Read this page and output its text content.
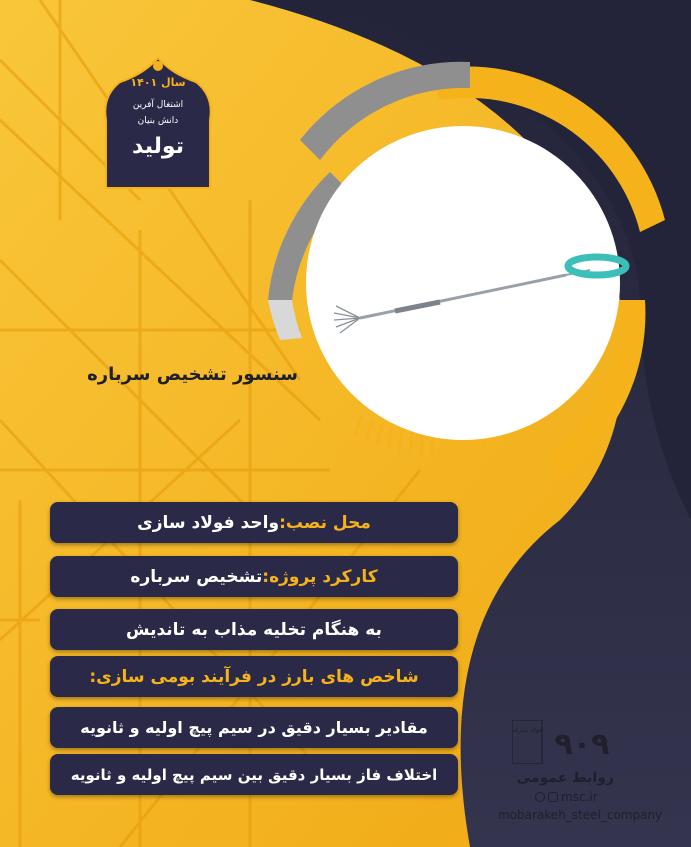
سال ۱۴۰۱
اشتغال آفرین
دانش بنیان
تولید
سنسور تشخیص سرباره
محل نصب:
واحد فولاد سازی
کارکرد پروژه:
تشخیص سرباره
به هنگام تخلیه مذاب به تاندیش
شاخص های بارز در فرآیند بومی سازی:
مقادیر بسیار دقیق در سیم پیچ اولیه و ثانویه
اختلاف فاز بسیار دقیق بین سیم پیچ اولیه و ثانویه
فولاد مبارکه ۹۰۹
روابط عمومی
msc.ir
mobarakeh_steel_company
